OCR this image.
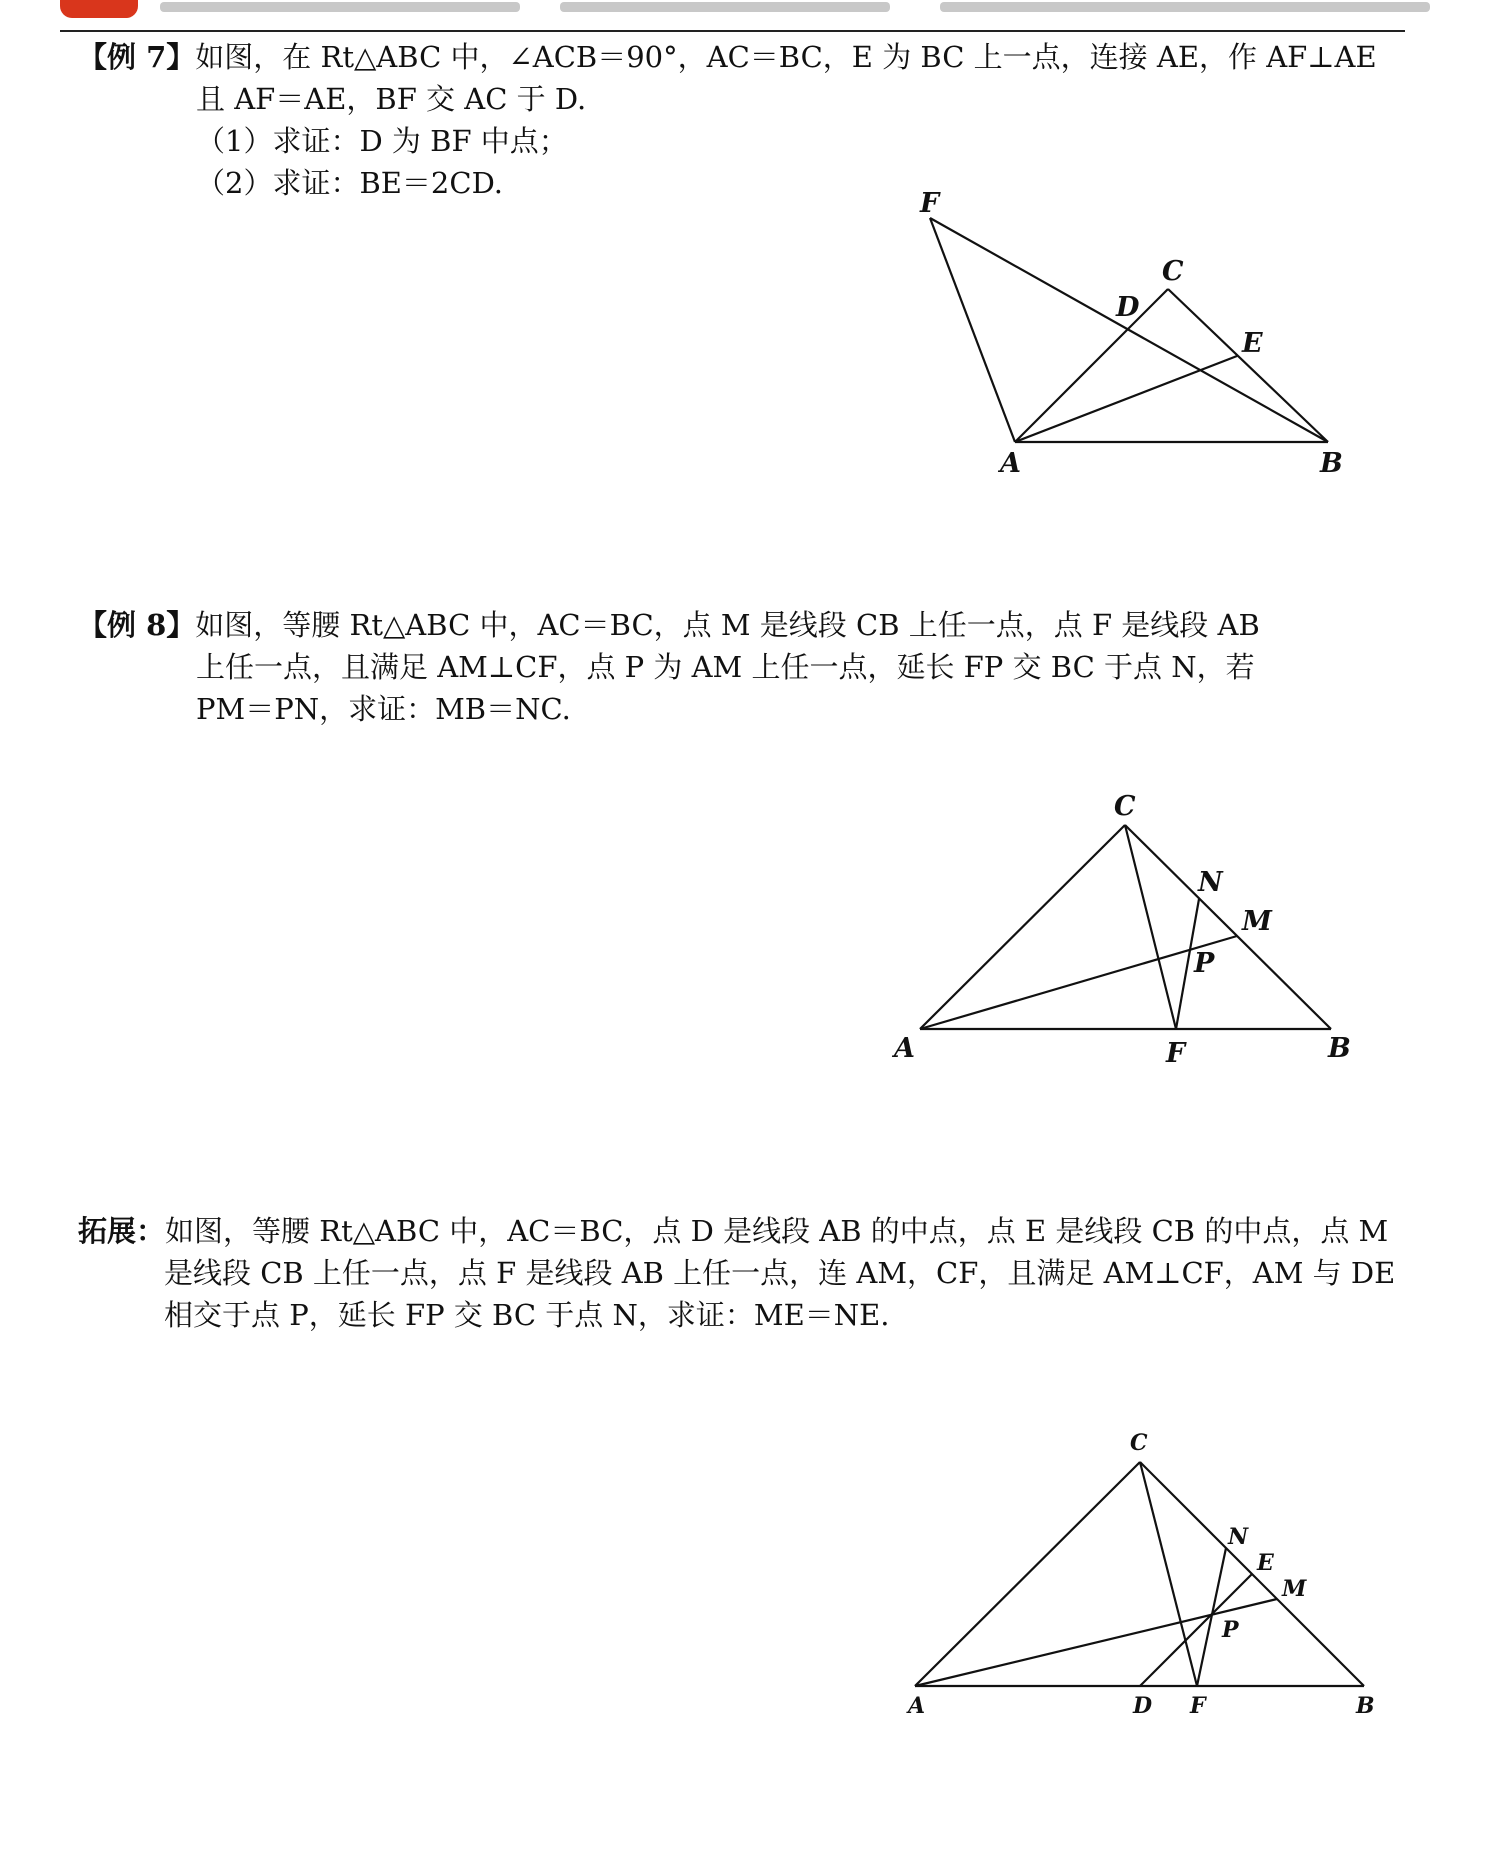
【例 7】如图，在 Rt△ABC 中，∠ACB＝90°，AC＝BC，E 为 BC 上一点，连接 AE，作 AF⊥AE

且 AF＝AE，BF 交 AC 于 D.

（1）求证：D 为 BF 中点；

（2）求证：BE＝2CD.

F
C
D
E
A	B

【例 8】如图，等腰 Rt△ABC 中，AC＝BC，点 M 是线段 CB 上任一点，点 F 是线段 AB

上任一点，且满足 AM⊥CF，点 P 为 AM 上任一点，延长 FP 交 BC 于点 N，若

PM＝PN，求证：MB＝NC.

C
N
M
P
A	F	B

拓展：如图，等腰 Rt△ABC 中，AC＝BC，点 D 是线段 AB 的中点，点 E 是线段 CB 的中点，点 M

是线段 CB 上任一点，点 F 是线段 AB 上任一点，连 AM，CF，且满足 AM⊥CF，AM 与 DE

相交于点 P，延长 FP 交 BC 于点 N，求证：ME＝NE.

C
N
E
M
P
A	D F	B
